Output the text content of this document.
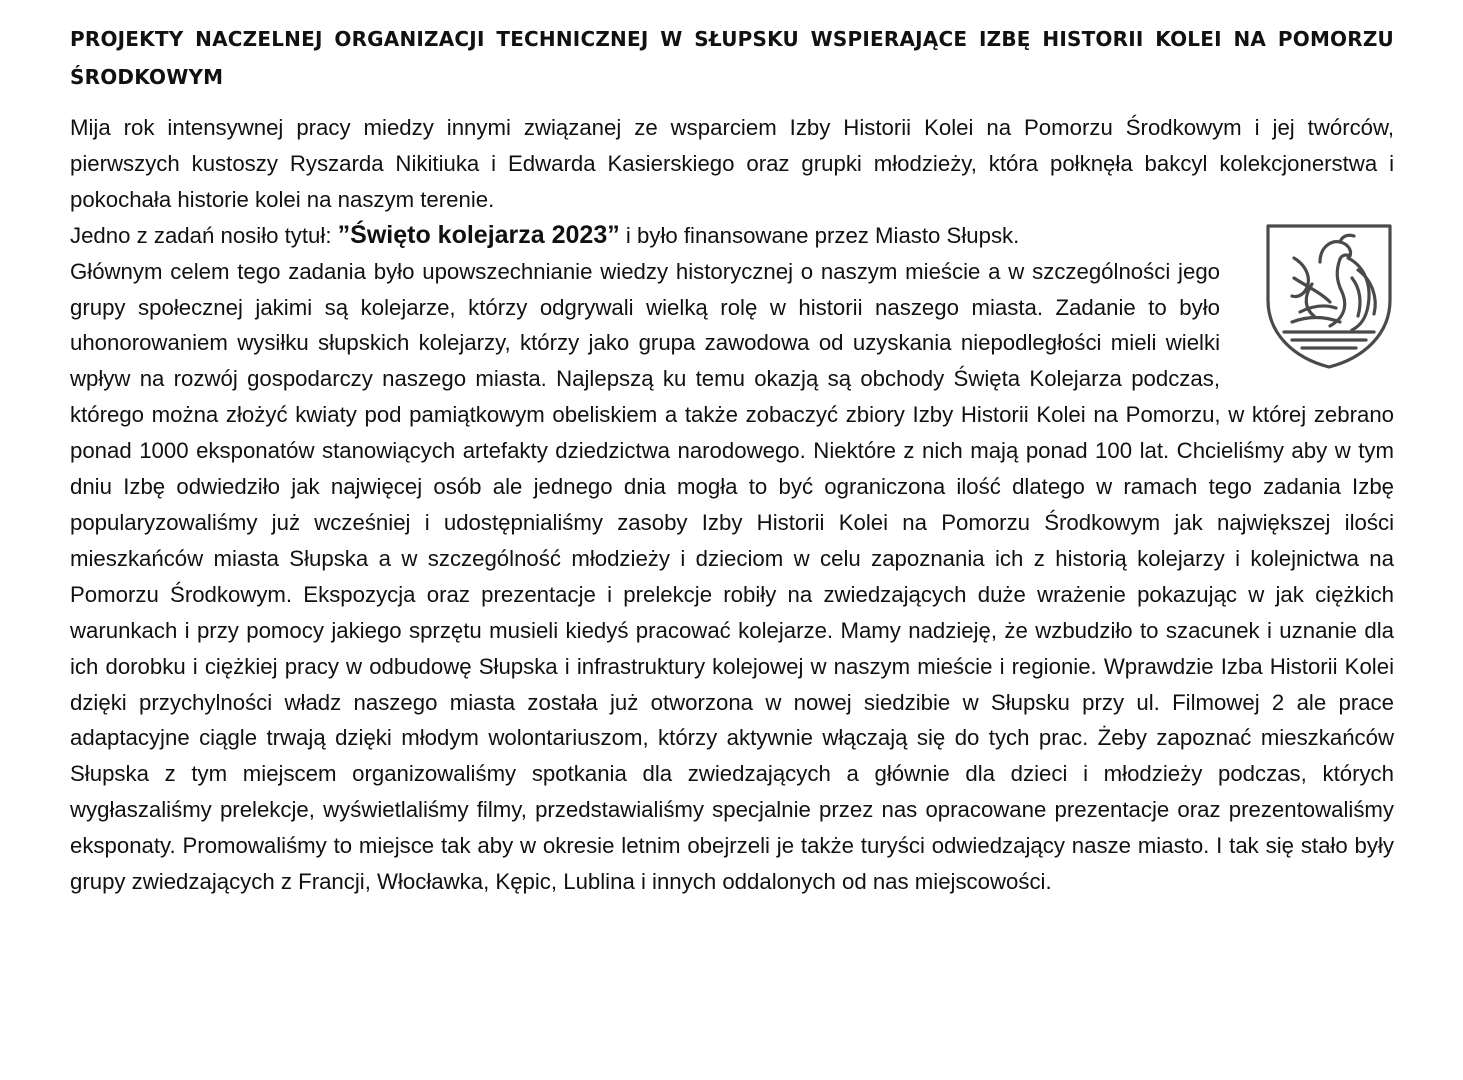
PROJEKTY NACZELNEJ ORGANIZACJI TECHNICZNEJ W SŁUPSKU WSPIERAJĄCE IZBĘ HISTORII KOLEI NA POMORZU ŚRODKOWYM

Mija rok intensywnej pracy miedzy innymi związanej ze wsparciem Izby Historii Kolei na Pomorzu Środkowym i jej twórców, pierwszych kustoszy Ryszarda Nikitiuka i Edwarda Kasierskiego oraz grupki młodzieży, która połknęła bakcyl kolekcjonerstwa i pokochała historie kolei na naszym terenie.

Jedno z zadań nosiło tytuł: ”Święto kolejarza 2023” i było finansowane przez Miasto Słupsk.

Głównym celem tego zadania było upowszechnianie wiedzy historycznej o naszym mieście a w szczególności jego grupy społecznej jakimi są kolejarze, którzy odgrywali wielką rolę w historii naszego miasta. Zadanie to było uhonorowaniem wysiłku słupskich kolejarzy, którzy jako grupa zawodowa od uzyskania niepodległości mieli wielki wpływ na rozwój gospodarczy naszego miasta. Najlepszą ku temu okazją są obchody Święta Kolejarza podczas, którego można złożyć kwiaty pod pamiątkowym obeliskiem a także zobaczyć zbiory Izby Historii Kolei na Pomorzu, w której zebrano ponad 1000 eksponatów stanowiących artefakty dziedzictwa narodowego. Niektóre z nich mają ponad 100 lat. Chcieliśmy aby w tym dniu Izbę odwiedziło jak najwięcej osób ale jednego dnia mogła to być ograniczona ilość dlatego w ramach tego zadania Izbę popularyzowaliśmy już wcześniej i udostępnialiśmy zasoby Izby Historii Kolei na Pomorzu Środkowym jak największej ilości mieszkańców miasta Słupska a w szczególność młodzieży i dzieciom w celu zapoznania ich z historią kolejarzy i kolejnictwa na Pomorzu Środkowym. Ekspozycja oraz prezentacje i prelekcje robiły na zwiedzających duże wrażenie pokazując w jak ciężkich warunkach i przy pomocy jakiego sprzętu musieli kiedyś pracować kolejarze. Mamy nadzieję, że wzbudziło to szacunek i uznanie dla ich dorobku i ciężkiej pracy w odbudowę Słupska i infrastruktury kolejowej w naszym mieście i regionie. Wprawdzie Izba Historii Kolei dzięki przychylności władz naszego miasta została już otworzona w nowej siedzibie w Słupsku przy ul. Filmowej 2 ale prace adaptacyjne ciągle trwają dzięki młodym wolontariuszom, którzy aktywnie włączają się do tych prac. Żeby zapoznać mieszkańców Słupska z tym miejscem organizowaliśmy spotkania dla zwiedzających a głównie dla dzieci i młodzieży podczas, których wygłaszaliśmy prelekcje, wyświetlaliśmy filmy, przedstawialiśmy specjalnie przez nas opracowane prezentacje oraz prezentowaliśmy eksponaty. Promowaliśmy to miejsce tak aby w okresie letnim obejrzeli je także turyści odwiedzający nasze miasto. I tak się stało były grupy zwiedzających z Francji, Włocławka, Kępic, Lublina i innych oddalonych od nas miejscowości.
